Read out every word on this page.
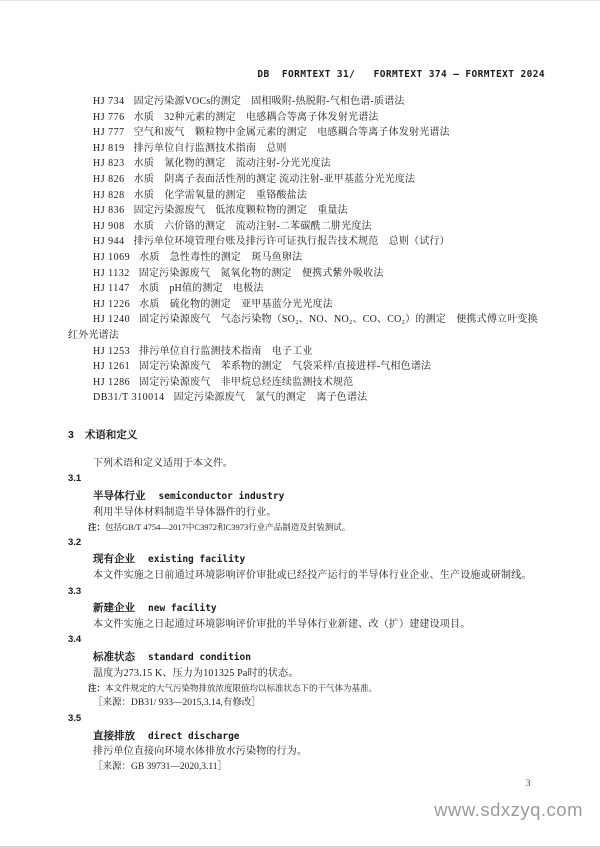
DB  FORMTEXT 31/   FORMTEXT 374 — FORMTEXT 2024

HJ 734 固定污染源VOCs的测定　固相吸附-热脱附-气相色谱-质谱法

HJ 776 水质　32种元素的测定　电感耦合等离子体发射光谱法

HJ 777 空气和废气　颗粒物中金属元素的测定　电感耦合等离子体发射光谱法

HJ 819 排污单位自行监测技术指南　总则

HJ 823 水质　氰化物的测定　流动注射-分光光度法

HJ 826 水质　阴离子表面活性剂的测定 流动注射-亚甲基蓝分光光度法

HJ 828 水质　化学需氧量的测定　重铬酸盐法

HJ 836 固定污染源废气　低浓度颗粒物的测定　重量法

HJ 908 水质　六价铬的测定　流动注射-二苯碳酰二肼光度法

HJ 944 排污单位环境管理台账及排污许可证执行报告技术规范　总则（试行）

HJ 1069 水质　急性毒性的测定　斑马鱼卵法

HJ 1132 固定污染源废气　氮氧化物的测定　便携式紫外吸收法

HJ 1147 水质　pH值的测定　电极法

HJ 1226 水质　硫化物的测定　亚甲基蓝分光光度法

HJ 1240 固定污染源废气　气态污染物（SO₂、NO、NO₂、CO、CO₂）的测定　便携式傅立叶变换红外光谱法

HJ 1253 排污单位自行监测技术指南　电子工业

HJ 1261 固定污染源废气　苯系物的测定　气袋采样/直接进样-气相色谱法

HJ 1286 固定污染源废气　非甲烷总烃连续监测技术规范

DB31/T 310014 固定污染源废气　氯气的测定　离子色谱法

3 术语和定义

下列术语和定义适用于本文件。

3.1

半导体行业 semiconductor industry

利用半导体材料制造半导体器件的行业。

注：包括GB/T 4754—2017中C3972和C3973行业产品制造及封装测试。

3.2

现有企业 existing facility

本文件实施之日前通过环境影响评价审批或已经投产运行的半导体行业企业、生产设施或研制线。

3.3

新建企业 new facility

本文件实施之日起通过环境影响评价审批的半导体行业新建、改（扩）建建设项目。

3.4

标准状态 standard condition

温度为273.15 K、压力为101325 Pa时的状态。

注：本文件规定的大气污染物排放浓度限值均以标准状态下的干气体为基准。

［来源：DB31/ 933—2015,3.14,有修改］

3.5

直接排放 direct discharge

排污单位直接向环境水体排放水污染物的行为。

［来源：GB 39731—2020,3.11］

3
www.sdxzyq.com
